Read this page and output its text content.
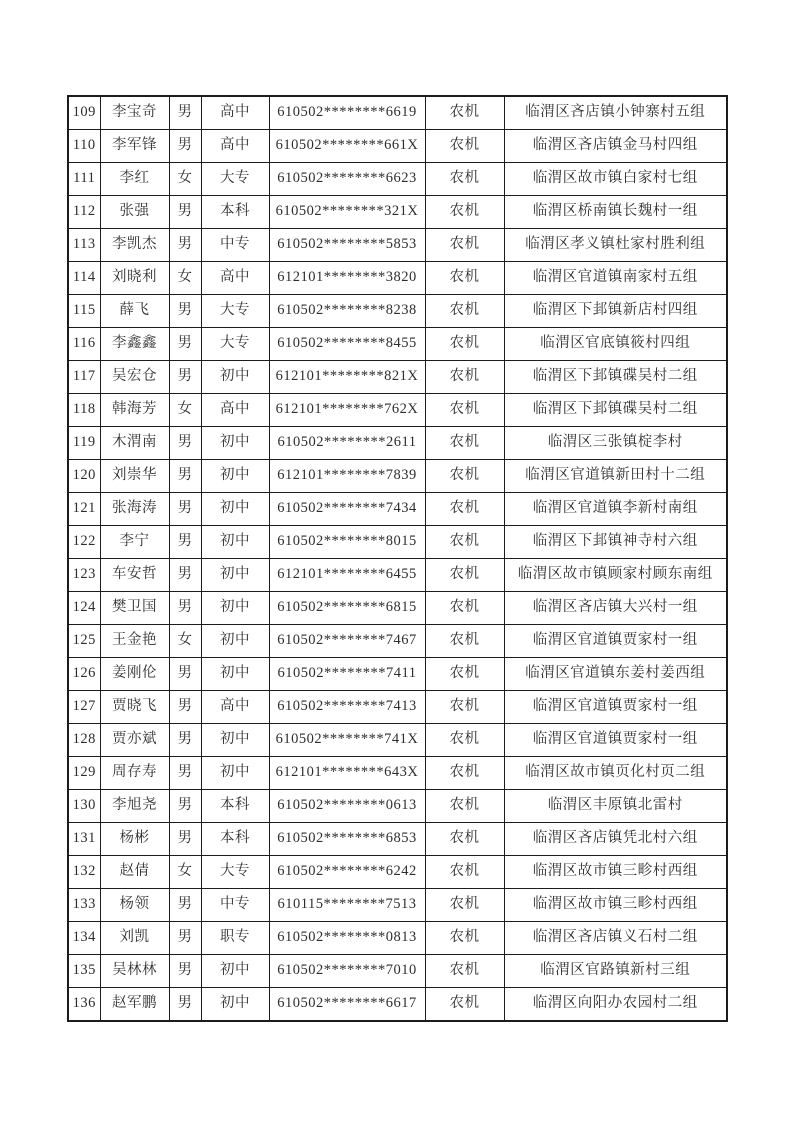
109	李宝奇	男	高中	610502********6619	农机	临渭区吝店镇小钟寨村五组
110	李军锋	男	高中	610502********661X	农机	临渭区吝店镇金马村四组
111	李红	女	大专	610502********6623	农机	临渭区故市镇白家村七组
112	张强	男	本科	610502********321X	农机	临渭区桥南镇长魏村一组
113	李凯杰	男	中专	610502********5853	农机	临渭区孝义镇杜家村胜利组
114	刘晓利	女	高中	612101********3820	农机	临渭区官道镇南家村五组
115	薛飞	男	大专	610502********8238	农机	临渭区下邽镇新店村四组
116	李鑫鑫	男	大专	610502********8455	农机	临渭区官底镇筱村四组
117	吴宏仓	男	初中	612101********821X	农机	临渭区下邽镇碟吴村二组
118	韩海芳	女	高中	612101********762X	农机	临渭区下邽镇碟吴村二组
119	木渭南	男	初中	610502********2611	农机	临渭区三张镇椗李村
120	刘崇华	男	初中	612101********7839	农机	临渭区官道镇新田村十二组
121	张海涛	男	初中	610502********7434	农机	临渭区官道镇李新村南组
122	李宁	男	初中	610502********8015	农机	临渭区下邽镇神寺村六组
123	车安哲	男	初中	612101********6455	农机	临渭区故市镇顾家村顾东南组
124	樊卫国	男	初中	610502********6815	农机	临渭区吝店镇大兴村一组
125	王金艳	女	初中	610502********7467	农机	临渭区官道镇贾家村一组
126	姜刚伦	男	初中	610502********7411	农机	临渭区官道镇东姜村姜西组
127	贾晓飞	男	高中	610502********7413	农机	临渭区官道镇贾家村一组
128	贾亦斌	男	初中	610502********741X	农机	临渭区官道镇贾家村一组
129	周存寿	男	初中	612101********643X	农机	临渭区故市镇页化村页二组
130	李旭尧	男	本科	610502********0613	农机	临渭区丰原镇北雷村
131	杨彬	男	本科	610502********6853	农机	临渭区吝店镇凭北村六组
132	赵倩	女	大专	610502********6242	农机	临渭区故市镇三畛村西组
133	杨领	男	中专	610115********7513	农机	临渭区故市镇三畛村西组
134	刘凯	男	职专	610502********0813	农机	临渭区吝店镇义石村二组
135	吴林林	男	初中	610502********7010	农机	临渭区官路镇新村三组
136	赵军鹏	男	初中	610502********6617	农机	临渭区向阳办农园村二组
